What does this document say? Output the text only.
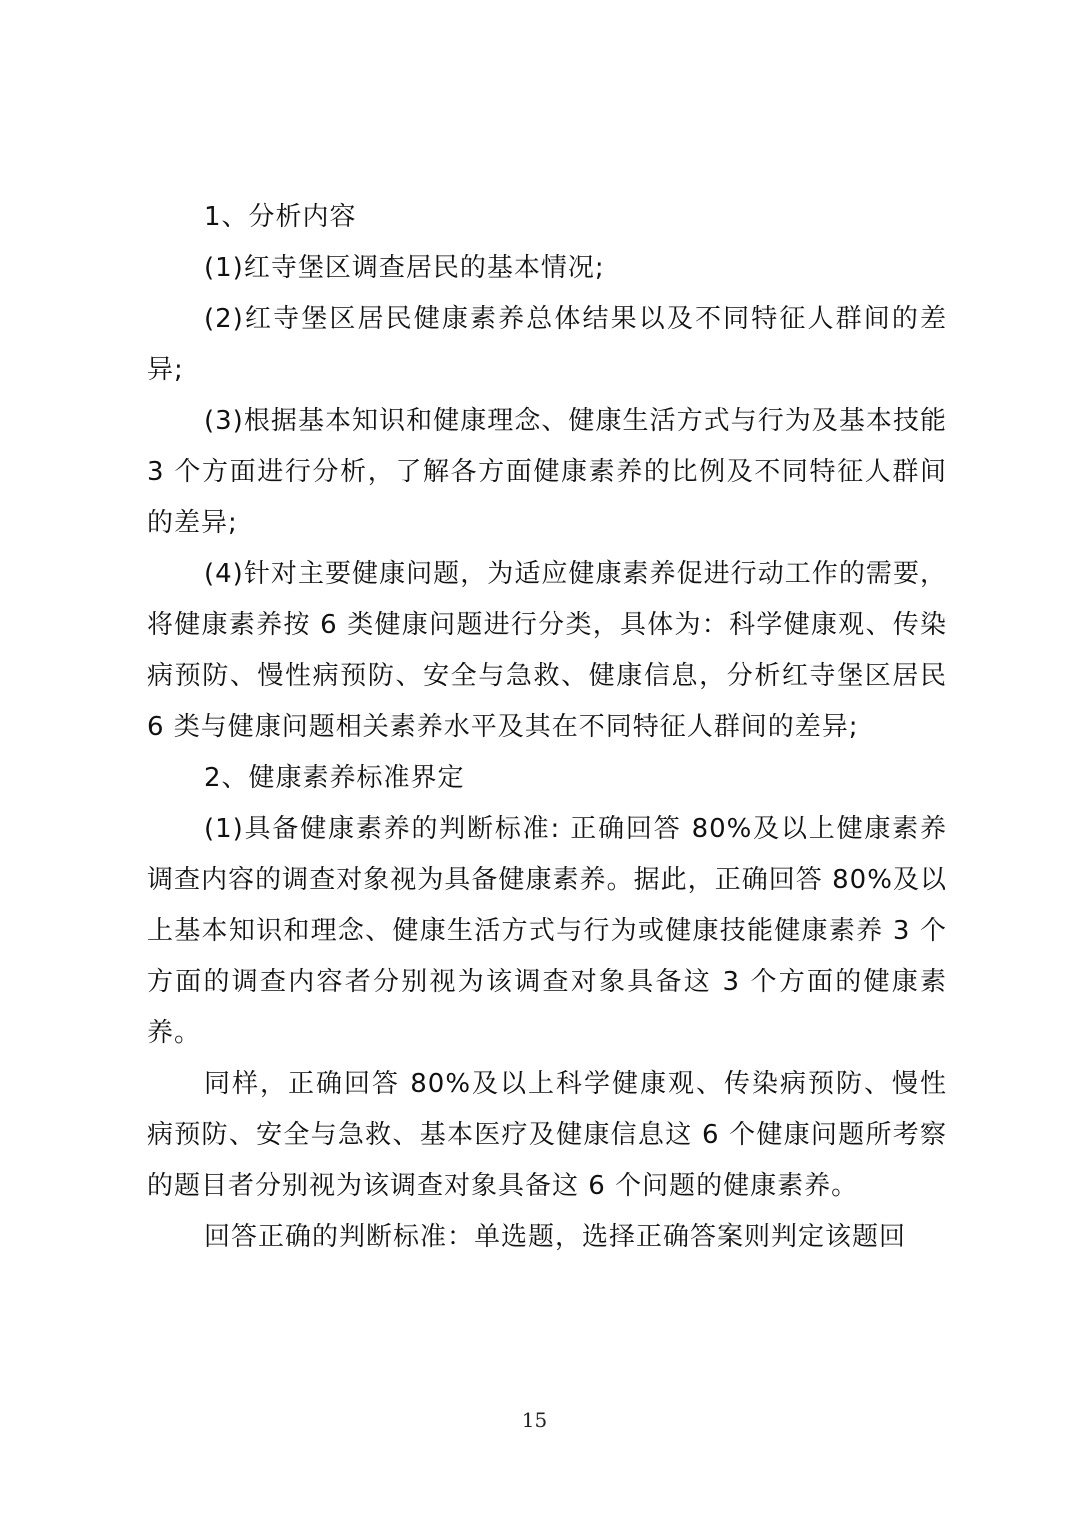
1、分析内容

(1)红寺堡区调查居民的基本情况;

(2)红寺堡区居民健康素养总体结果以及不同特征人群间的差异;

(3)根据基本知识和健康理念、健康生活方式与行为及基本技能 3 个方面进行分析，了解各方面健康素养的比例及不同特征人群间的差异;

(4)针对主要健康问题，为适应健康素养促进行动工作的需要，将健康素养按 6 类健康问题进行分类，具体为：科学健康观、传染病预防、慢性病预防、安全与急救、健康信息，分析红寺堡区居民 6 类与健康问题相关素养水平及其在不同特征人群间的差异;

2、健康素养标准界定

(1)具备健康素养的判断标准: 正确回答 80%及以上健康素养调查内容的调查对象视为具备健康素养。据此，正确回答 80%及以上基本知识和理念、健康生活方式与行为或健康技能健康素养 3 个方面的调查内容者分别视为该调查对象具备这 3 个方面的健康素养。

同样，正确回答 80%及以上科学健康观、传染病预防、慢性病预防、安全与急救、基本医疗及健康信息这 6 个健康问题所考察的题目者分别视为该调查对象具备这 6 个问题的健康素养。

回答正确的判断标准：单选题，选择正确答案则判定该题回

15
